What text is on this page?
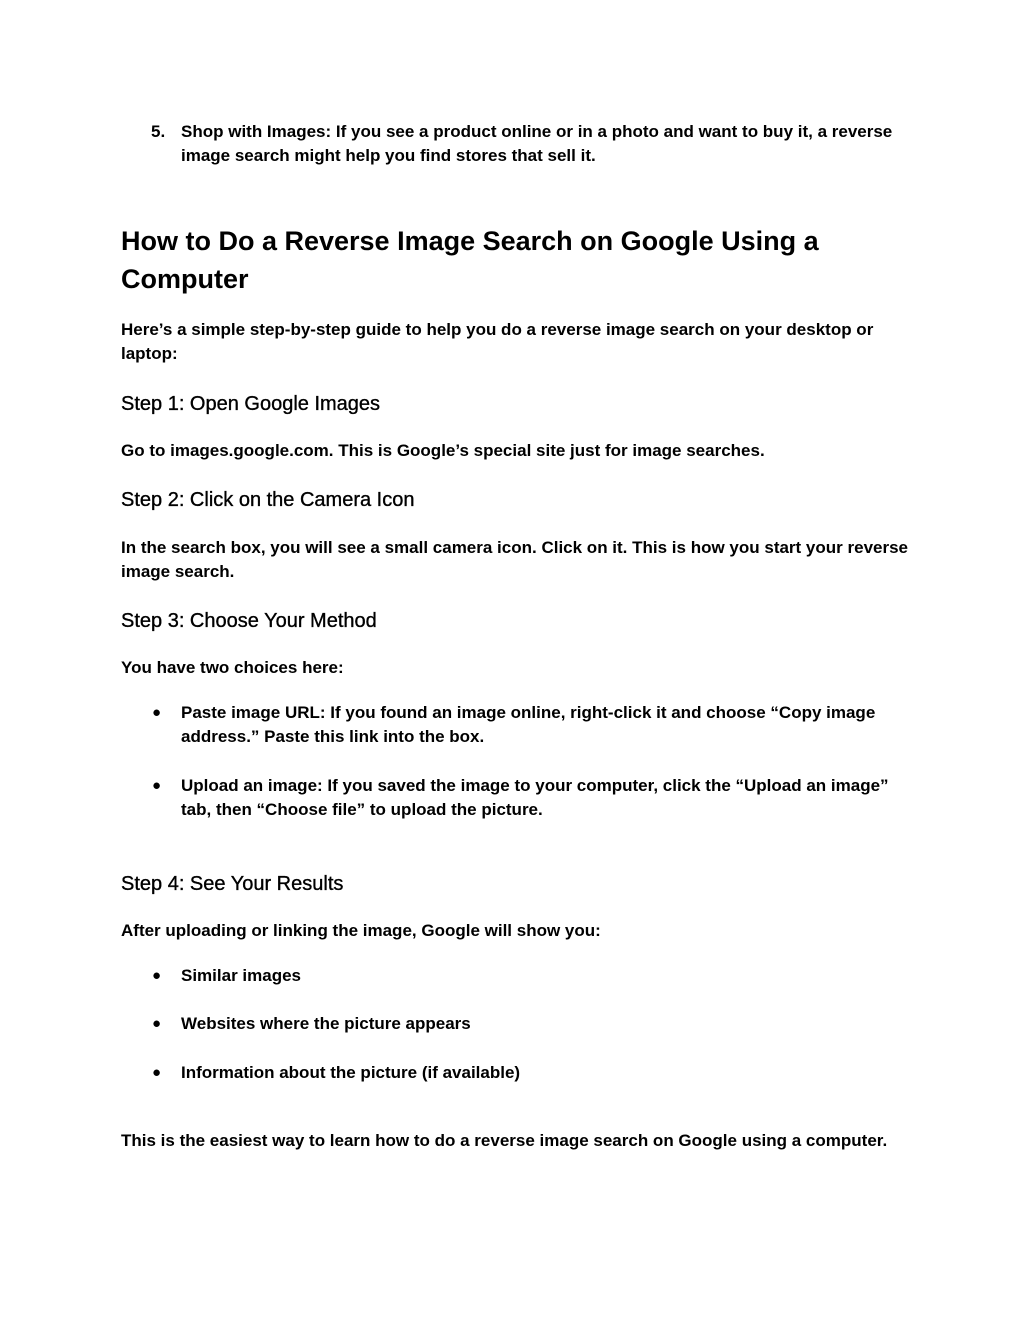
5. Shop with Images: If you see a product online or in a photo and want to buy it, a reverse image search might help you find stores that sell it.
How to Do a Reverse Image Search on Google Using a Computer

Here’s a simple step-by-step guide to help you do a reverse image search on your desktop or laptop:

Step 1: Open Google Images

Go to images.google.com. This is Google’s special site just for image searches.

Step 2: Click on the Camera Icon

In the search box, you will see a small camera icon. Click on it. This is how you start your reverse image search.

Step 3: Choose Your Method

You have two choices here:

●	Paste image URL: If you found an image online, right-click it and choose “Copy image address.” Paste this link into the box.
●	Upload an image: If you saved the image to your computer, click the “Upload an image” tab, then “Choose file” to upload the picture.
Step 4: See Your Results

After uploading or linking the image, Google will show you:

●	Similar images
●	Websites where the picture appears
●	Information about the picture (if available)

This is the easiest way to learn how to do a reverse image search on Google using a computer.
